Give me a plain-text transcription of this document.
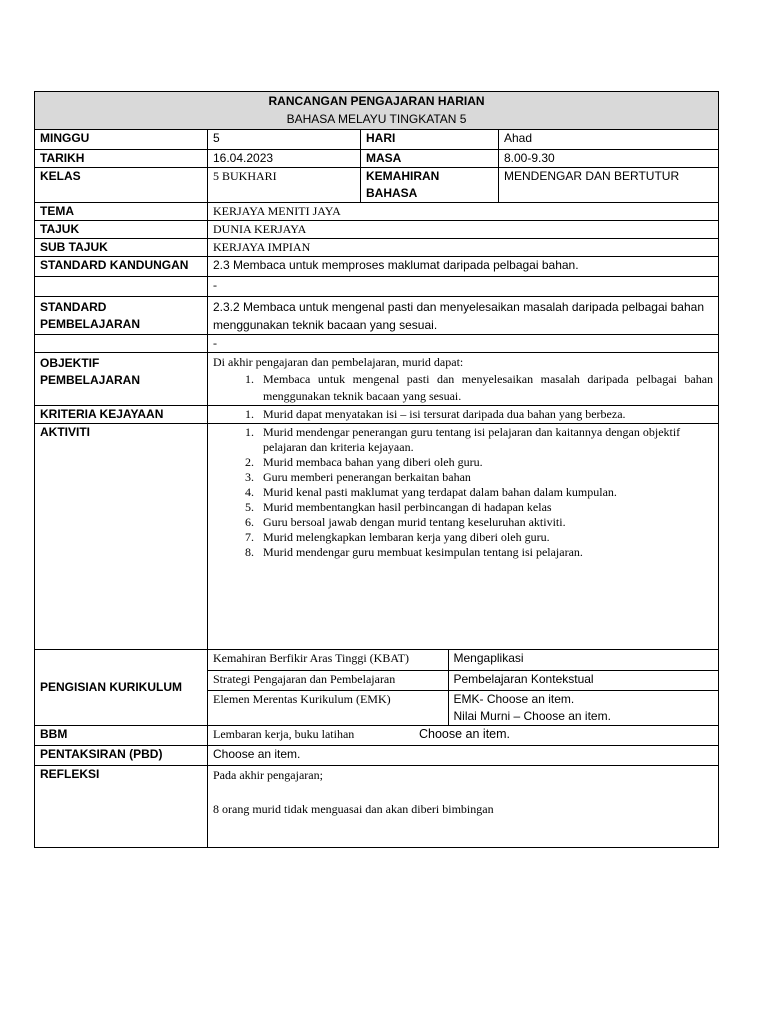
RANCANGAN PENGAJARAN HARIAN
BAHASA MELAYU TINGKATAN 5

MINGGU	5	HARI	Ahad
TARIKH	16.04.2023	MASA	8.00-9.30
KELAS	5 BUKHARI	KEMAHIRAN BAHASA	MENDENGAR DAN BERTUTUR
TEMA	KERJAYA MENITI JAYA
TAJUK	DUNIA KERJAYA
SUB TAJUK	KERJAYA IMPIAN
STANDARD KANDUNGAN	2.3 Membaca untuk memproses maklumat daripada pelbagai bahan.
	-
STANDARD PEMBELAJARAN	2.3.2 Membaca untuk mengenal pasti dan menyelesaikan masalah daripada pelbagai bahan menggunakan teknik bacaan yang sesuai.
	-
OBJEKTIF PEMBELAJARAN	
Di akhir pengajaran dan pembelajaran, murid dapat:
1. Membaca untuk mengenal pasti dan menyelesaikan masalah daripada pelbagai bahan menggunakan teknik bacaan yang sesuai.

KRITERIA KEJAYAAN	
1.Murid dapat menyatakan isi – isi tersurat daripada dua bahan yang berbeza.

AKTIVITI	
1.Murid mendengar penerangan guru tentang isi pelajaran dan kaitannya dengan objektif pelajaran dan kriteria kejayaan.
2. Murid membaca bahan yang diberi oleh guru.
3. Guru memberi penerangan berkaitan bahan
4. Murid kenal pasti maklumat yang terdapat dalam bahan dalam kumpulan.
5. Murid membentangkan hasil perbincangan di hadapan kelas
6. Guru bersoal jawab dengan murid tentang keseluruhan aktiviti.
7. Murid melengkapkan lembaran kerja yang diberi oleh guru.
8. Murid mendengar guru membuat kesimpulan tentang isi pelajaran.

PENGISIAN KURIKULUM	
Kemahiran Berfikir Aras Tinggi (KBAT)	Mengaplikasi
Strategi Pengajaran dan Pembelajaran	Pembelajaran Kontekstual
Elemen Merentas Kurikulum (EMK)	EMK- Choose an item.
Nilai Murni – Choose an item.

BBM	Lembaran kerja, buku latihan	Choose an item.
PENTAKSIRAN (PBD)	Choose an item.
REFLEKSI	Pada akhir pengajaran;
8 orang murid tidak menguasai dan akan diberi bimbingan
